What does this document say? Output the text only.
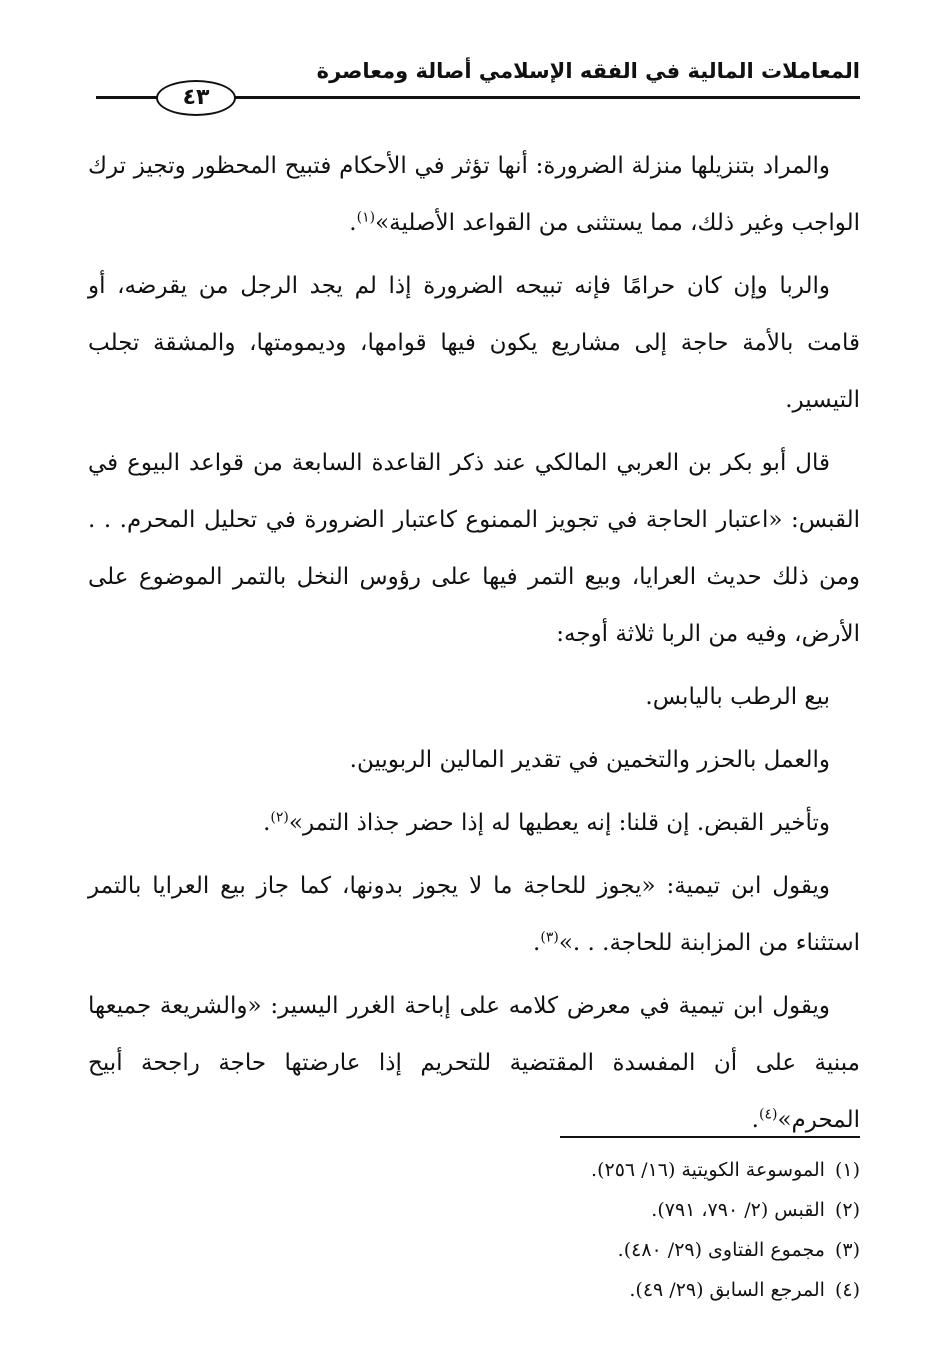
المعاملات المالية في الفقه الإسلامي أصالة ومعاصرة
٤٣

والمراد بتنزيلها منزلة الضرورة: أنها تؤثر في الأحكام فتبيح المحظور وتجيز ترك الواجب وغير ذلك، مما يستثنى من القواعد الأصلية»$^{(١)}$.

والربا وإن كان حرامًا فإنه تبيحه الضرورة إذا لم يجد الرجل من يقرضه، أو قامت بالأمة حاجة إلى مشاريع يكون فيها قوامها، وديمومتها، والمشقة تجلب التيسير.

قال أبو بكر بن العربي المالكي عند ذكر القاعدة السابعة من قواعد البيوع في القبس: «اعتبار الحاجة في تجويز الممنوع كاعتبار الضرورة في تحليل المحرم. . . ومن ذلك حديث العرايا، وبيع التمر فيها على رؤوس النخل بالتمر الموضوع على الأرض، وفيه من الربا ثلاثة أوجه:

بيع الرطب باليابس.

والعمل بالحزر والتخمين في تقدير المالين الربويين.

وتأخير القبض. إن قلنا: إنه يعطيها له إذا حضر جذاذ التمر»$^{(٢)}$.

ويقول ابن تيمية: «يجوز للحاجة ما لا يجوز بدونها، كما جاز بيع العرايا بالتمر استثناء من المزابنة للحاجة. . .»$^{(٣)}$.

ويقول ابن تيمية في معرض كلامه على إباحة الغرر اليسير: «والشريعة جميعها مبنية على أن المفسدة المقتضية للتحريم إذا عارضتها حاجة راجحة أبيح المحرم»$^{(٤)}$.

(١)الموسوعة الكويتية (١٦/ ٢٥٦).

(٢)القبس (٢/ ٧٩٠، ٧٩١).

(٣)مجموع الفتاوى (٢٩/ ٤٨٠).

(٤)المرجع السابق (٢٩/ ٤٩).
